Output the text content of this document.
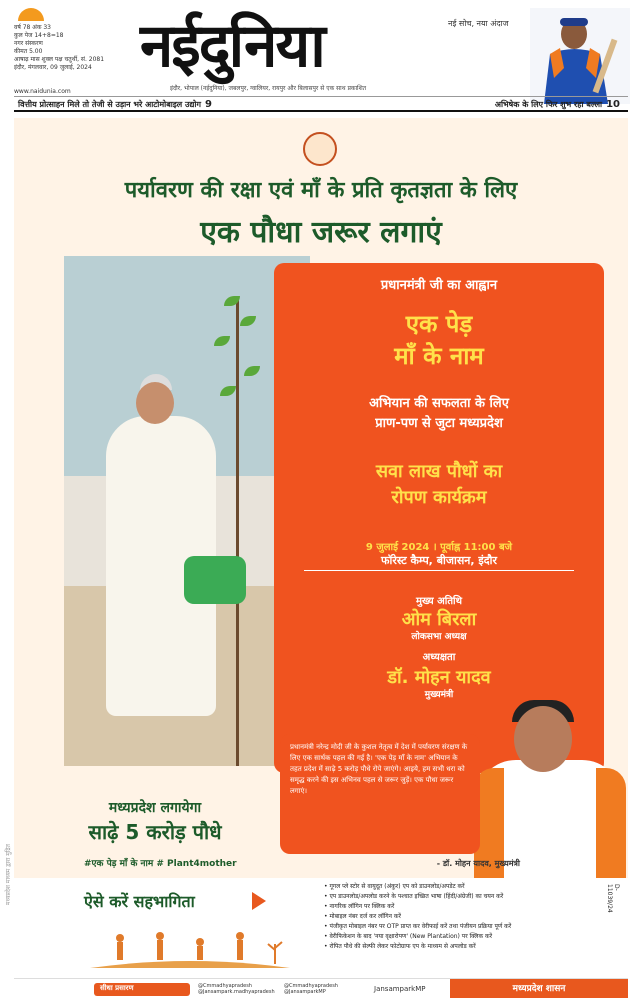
वर्ष 78 अंक 33
कुल पेज 14+8=18
नगर संस्करण
कीमत 5.00
आषाढ़ मास शुक्ल पक्ष चतुर्थी, सं. 2081
इंदौर, मंगलवार, 09 जुलाई, 2024 नईदुनिया	नई सोच, नया अंदाज
इंदौर, भोपाल (नईदुनिया), जबलपुर, ग्वालियर, रायपुर और बिलासपुर से एक साथ प्रकाशित
www.naidunia.com
वित्तीय प्रोत्साहन मिले तो तेजी से उड़ान भरे आटोमोबाइल उद्योग 9	अभिषेक के लिए फिर शुभ रहा बल्ला 10
पर्यावरण की रक्षा एवं माँ के प्रति कृतज्ञता के लिए
एक पौधा जरूर लगाएं
प्रधानमंत्री जी का आह्वान
एक पेड़
माँ के नाम
अभियान की सफलता के लिए
प्राण-पण से जुटा मध्यप्रदेश
सवा लाख पौधों का
रोपण कार्यक्रम
9 जुलाई 2024 । पूर्वाह्न 11:00 बजे
फॉरेस्ट कैम्प, बीजासन, इंदौर
मुख्य अतिथि
ओम बिरला
लोकसभा अध्यक्ष
अध्यक्षता
डॉ. मोहन यादव
मुख्यमंत्री
प्रधानमंत्री नरेन्द्र मोदी जी के कुशल नेतृत्व में देश में पर्यावरण संरक्षण के लिए एक सार्थक पहल की गई है। 'एक पेड़ माँ के नाम' अभियान के तहत प्रदेश में साढ़े 5 करोड़ पौधे रोपे जाएंगे। आइये, हम सभी धरा को समृद्ध करने की इस अभिनव पहल से जरूर जुड़ें। एक पौधा जरूर लगाएं।
- डॉ. मोहन यादव, मुख्यमंत्री
मध्यप्रदेश लगायेगा
साढ़े 5 करोड़ पौधे
#एक पेड़ माँ के नाम # Plant4mother
ऐसे करें सहभागिता
• गूगल प्ले स्टोर से वायुदूत (अंकुर) एप को डाउनलोड/अपडेट करें
• एप डाउनलोड/अपलोड करने के पश्चात इच्छित भाषा (हिंदी/अंग्रेजी) का चयन करें
• नागरिक लॉगिन पर क्लिक करें
• मोबाइल नंबर दर्ज कर लॉगिन करें
• पंजीकृत मोबाइल नंबर पर OTP प्राप्त कर वेरीफाई करें तथा पंजीयन प्रक्रिया पूर्ण करें
• वेरीफिकेशन के बाद 'नया वृक्षारोपण' (New Plantation) पर क्लिक करें
• रोपित पौधे की सेल्फी लेकर फोटोग्राफ एप के माध्यम से अपलोड करें
सीधा प्रसारण	@Cmmadhyapradesh
@Jansampark.madhyapradesh
@Cmmadhyapradesh
@JansamparkMP	JansamparkMP	मध्यप्रदेश शासन
मध्यप्रदेश माध्यम द्वारा मुद्रित	D-11039/24
